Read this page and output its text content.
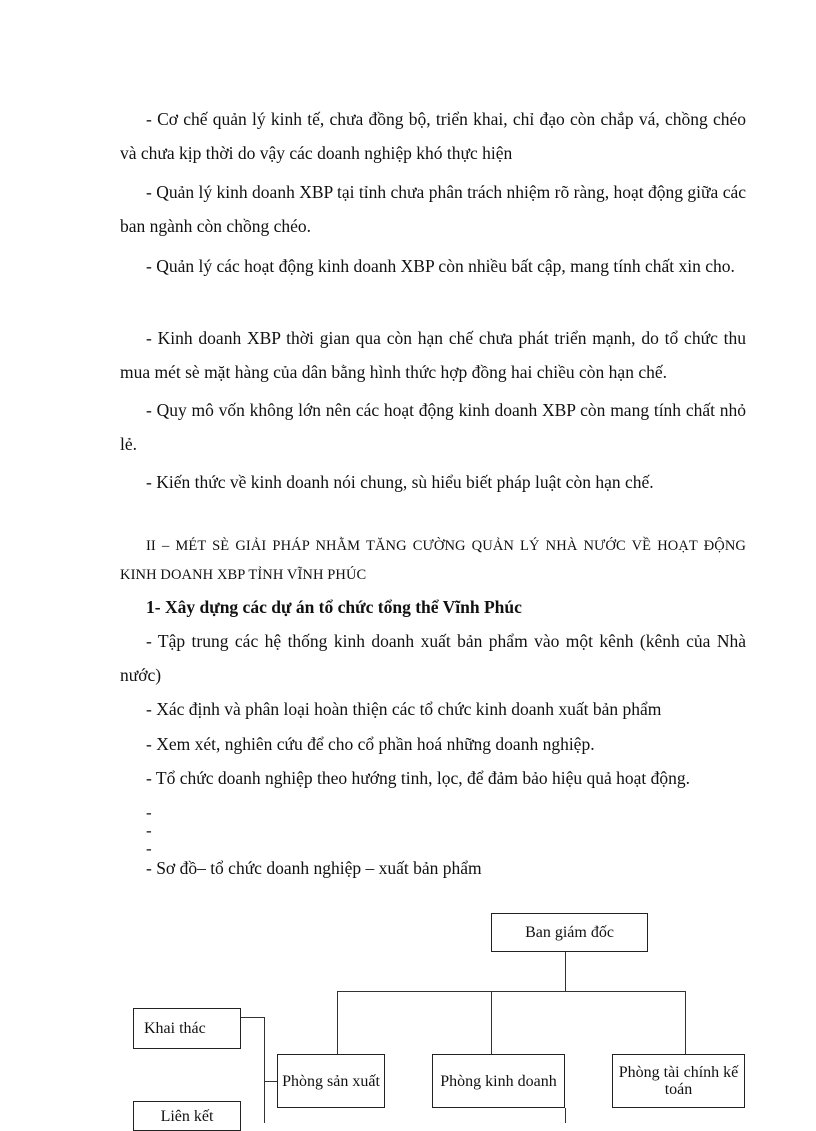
- Cơ chế quản lý kinh tế, chưa đồng bộ, triển khai, chỉ đạo còn chắp vá, chồng chéo và chưa kịp thời do vậy các doanh nghiệp khó thực hiện

- Quản lý kinh doanh XBP tại tỉnh chưa phân trách nhiệm rõ ràng, hoạt động giữa các ban ngành còn chồng chéo.

- Quản lý các hoạt động kinh doanh XBP còn nhiều bất cập, mang tính chất xin cho.

- Kinh doanh XBP thời gian qua còn hạn chế chưa phát triển mạnh, do tổ chức thu mua mét sè mặt hàng của dân bằng hình thức hợp đồng hai chiều còn hạn chế.

- Quy mô vốn không lớn nên các hoạt động kinh doanh XBP còn mang tính chất nhỏ lẻ.

- Kiến thức về kinh doanh nói chung, sù hiểu biết pháp luật còn hạn chế.

II – MÉT SÈ GIẢI PHÁP NHẰM TĂNG CƯỜNG QUẢN LÝ NHÀ NƯỚC VỀ HOẠT ĐỘNG KINH DOANH XBP TỈNH VĨNH PHÚC

1- Xây dựng các dự án tổ chức tổng thể Vĩnh Phúc

- Tập trung các hệ thống kinh doanh xuất bản phẩm vào một kênh (kênh của Nhà nước)

- Xác định và phân loại hoàn thiện các tổ chức kinh doanh xuất bản phẩm

- Xem xét, nghiên cứu để cho cổ phần hoá những doanh nghiệp.

- Tổ chức doanh nghiệp theo hướng tinh, lọc, để đảm bảo hiệu quả hoạt động.

-
-
-

- Sơ đồ– tổ chức doanh nghiệp – xuất bản phẩm

Ban giám đốc
Phòng sản xuất	Phòng kinh doanh	Phòng tài chính kế toán
Khai thác
Liên kết
